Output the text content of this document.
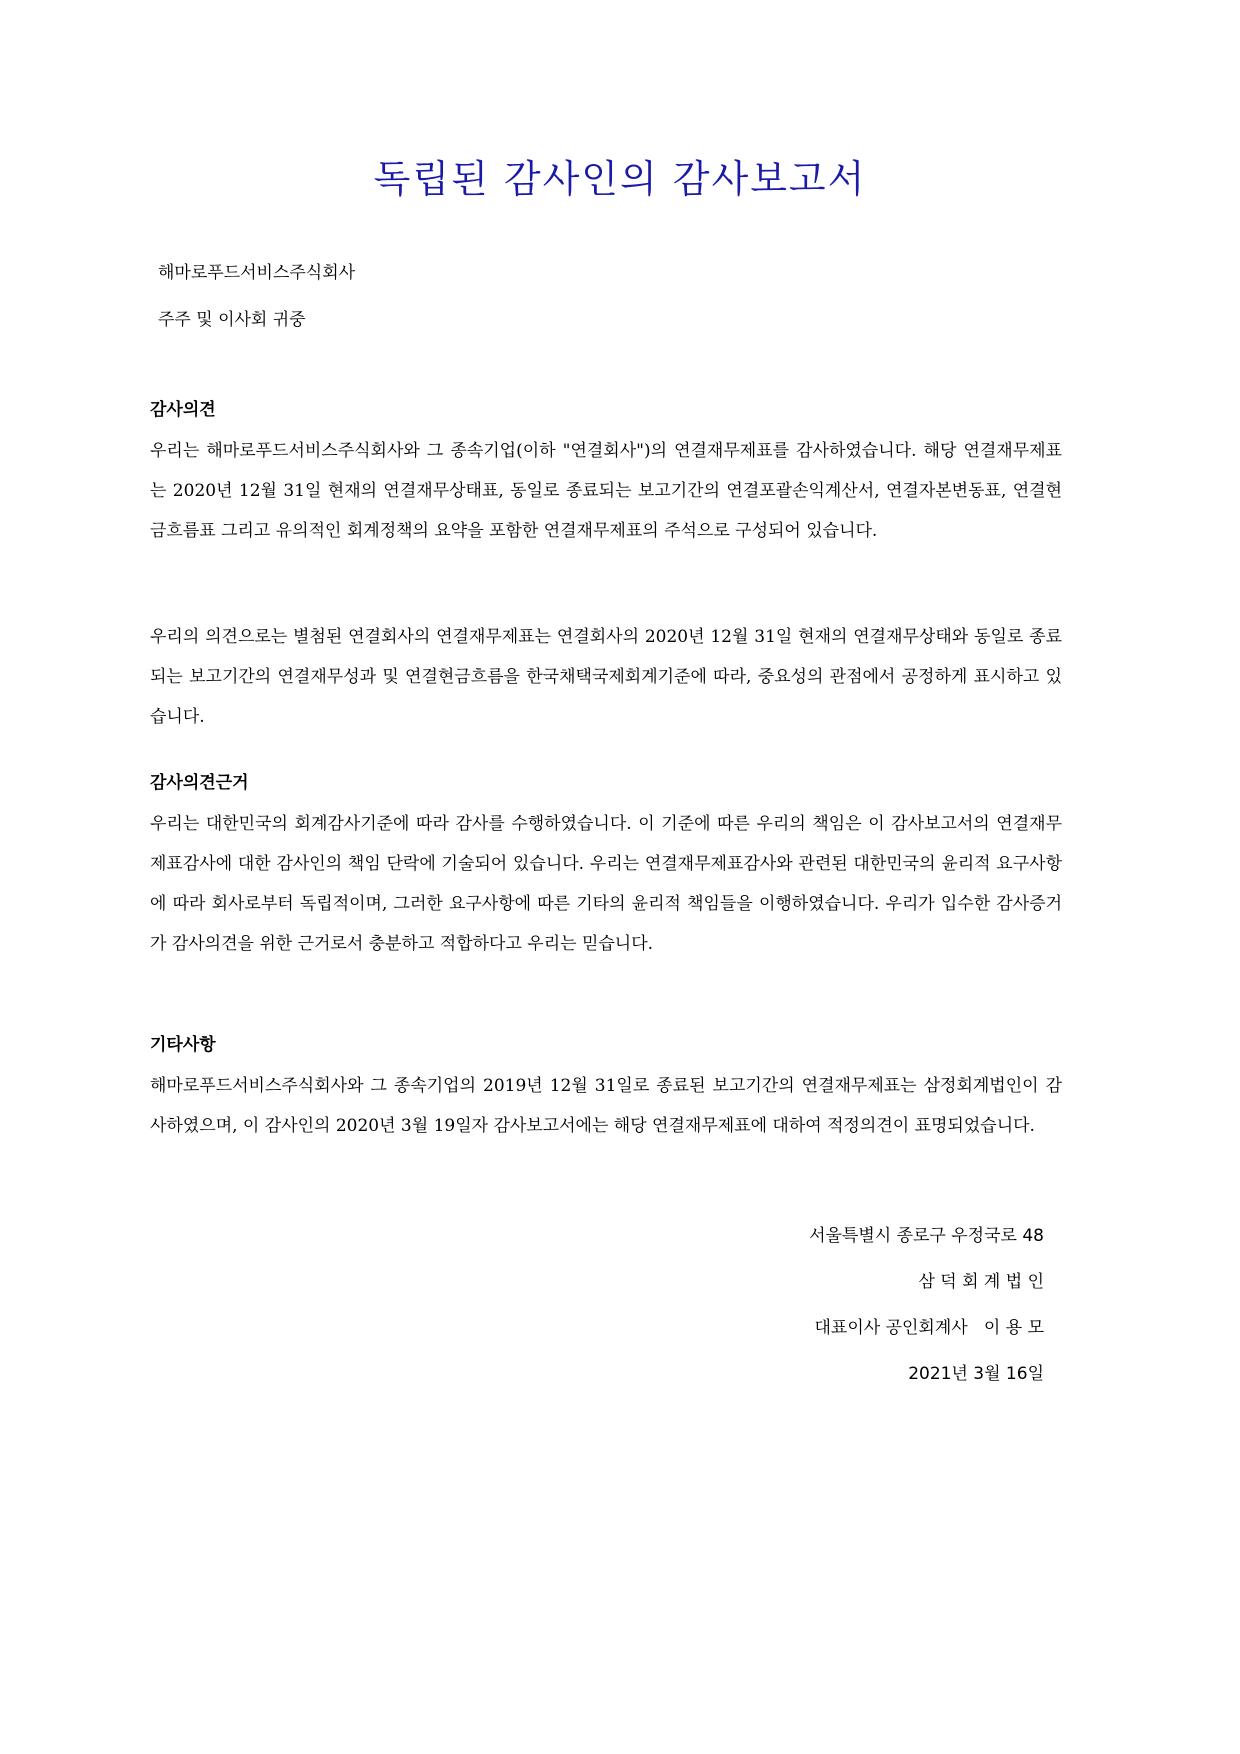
독립된 감사인의 감사보고서

해마로푸드서비스주식회사

주주 및 이사회 귀중

감사의견

우리는 해마로푸드서비스주식회사와 그 종속기업(이하 "연결회사")의 연결재무제표를 감사하였습니다. 해당 연결재무제표는 2020년 12월 31일 현재의 연결재무상태표, 동일로 종료되는 보고기간의 연결포괄손익계산서, 연결자본변동표, 연결현금흐름표 그리고 유의적인 회계정책의 요약을 포함한 연결재무제표의 주석으로 구성되어 있습니다.

우리의 의견으로는 별첨된 연결회사의 연결재무제표는 연결회사의 2020년 12월 31일 현재의 연결재무상태와 동일로 종료되는 보고기간의 연결재무성과 및 연결현금흐름을 한국채택국제회계기준에 따라, 중요성의 관점에서 공정하게 표시하고 있습니다.

감사의견근거

우리는 대한민국의 회계감사기준에 따라 감사를 수행하였습니다. 이 기준에 따른 우리의 책임은 이 감사보고서의 연결재무제표감사에 대한 감사인의 책임 단락에 기술되어 있습니다. 우리는 연결재무제표감사와 관련된 대한민국의 윤리적 요구사항에 따라 회사로부터 독립적이며, 그러한 요구사항에 따른 기타의 윤리적 책임들을 이행하였습니다. 우리가 입수한 감사증거가 감사의견을 위한 근거로서 충분하고 적합하다고 우리는 믿습니다.

기타사항

해마로푸드서비스주식회사와 그 종속기업의 2019년 12월 31일로 종료된 보고기간의 연결재무제표는 삼정회계법인이 감사하였으며, 이 감사인의 2020년 3월 19일자 감사보고서에는 해당 연결재무제표에 대하여 적정의견이 표명되었습니다.

서울특별시 종로구 우정국로 48
삼 덕 회 계 법 인
대표이사 공인회계사   이 용 모
2021년 3월 16일
